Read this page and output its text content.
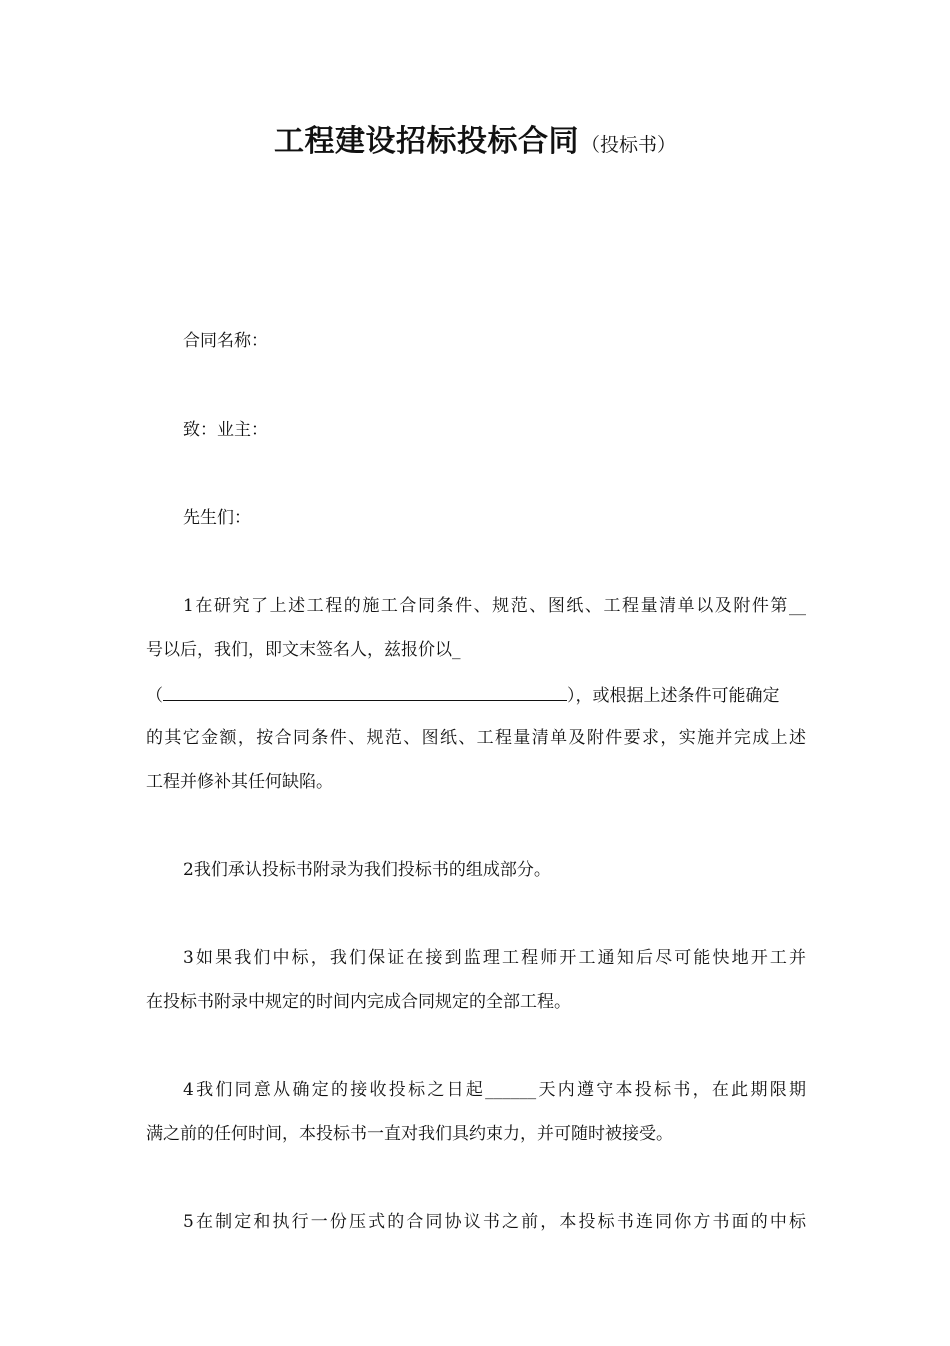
工程建设招标投标合同 （投标书）
合同名称：
致：业主：
先生们：
1在研究了上述工程的施工合同条件、规范、图纸、工程量清单以及附件第__
号以后，我们，即文末签名人，兹报价以_
（	），或根据上述条件可能确定
的其它金额，按合同条件、规范、图纸、工程量清单及附件要求，实施并完成上述
工程并修补其任何缺陷。
2我们承认投标书附录为我们投标书的组成部分。
3如果我们中标，我们保证在接到监理工程师开工通知后尽可能快地开工并
在投标书附录中规定的时间内完成合同规定的全部工程。
4我们同意从确定的接收投标之日起______天内遵守本投标书，在此期限期
满之前的任何时间，本投标书一直对我们具约束力，并可随时被接受。
5在制定和执行一份压式的合同协议书之前，本投标书连同你方书面的中标
